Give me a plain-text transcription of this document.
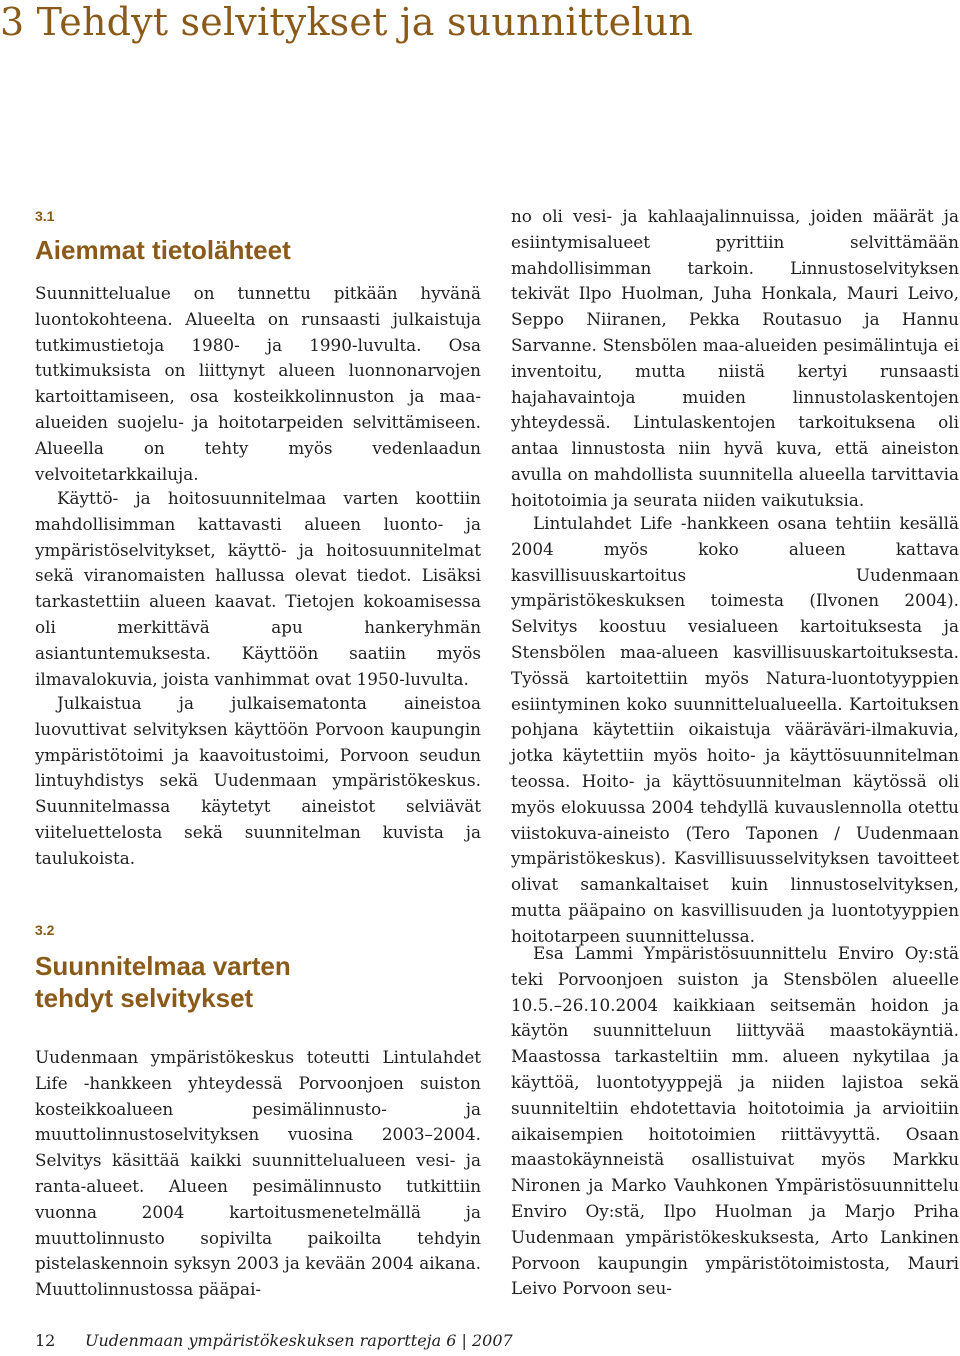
3 Tehdyt selvitykset ja suunnittelun
3.1
Aiemmat tietolähteet
Suunnittelualue on tunnettu pitkään hyvänä luontokohteena. Alueelta on runsaasti julkaistuja tutkimustietoja 1980- ja 1990-luvulta. Osa tutkimuksista on liittynyt alueen luonnonarvojen kartoittamiseen, osa kosteikkolinnuston ja maa-alueiden suojelu- ja hoitotarpeiden selvittämiseen. Alueella on tehty myös vedenlaadun velvoitetarkkailuja.
Käyttö- ja hoitosuunnitelmaa varten koottiin mahdollisimman kattavasti alueen luonto- ja ympäristöselvitykset, käyttö- ja hoitosuunnitelmat sekä viranomaisten hallussa olevat tiedot. Lisäksi tarkastettiin alueen kaavat. Tietojen kokoamisessa oli merkittävä apu hankeryhmän asiantuntemuksesta. Käyttöön saatiin myös ilmavalokuvia, joista vanhimmat ovat 1950-luvulta.
Julkaistua ja julkaisematonta aineistoa luovuttivat selvityksen käyttöön Porvoon kaupungin ympäristötoimi ja kaavoitustoimi, Porvoon seudun lintuyhdistys sekä Uudenmaan ympäristökeskus. Suunnitelmassa käytetyt aineistot selviävät viiteluettelosta sekä suunnitelman kuvista ja taulukoista.
3.2
Suunnitelmaa varten
tehdyt selvitykset
Uudenmaan ympäristökeskus toteutti Lintulahdet Life -hankkeen yhteydessä Porvoonjoen suiston kosteikkoalueen pesimälinnusto- ja muuttolinnustoselvityksen vuosina 2003–2004. Selvitys käsittää kaikki suunnittelualueen vesi- ja ranta-alueet. Alueen pesimälinnusto tutkittiin vuonna 2004 kartoitusmenetelmällä ja muuttolinnusto sopivilta paikoilta tehdyin pistelaskennoin syksyn 2003 ja kevään 2004 aikana. Muuttolinnustossa pääpai-
no oli vesi- ja kahlaajalinnuissa, joiden määrät ja esiintymisalueet pyrittiin selvittämään mahdollisimman tarkoin. Linnustoselvityksen tekivät Ilpo Huolman, Juha Honkala, Mauri Leivo, Seppo Niiranen, Pekka Routasuo ja Hannu Sarvanne. Stensbölen maa-alueiden pesimälintuja ei inventoitu, mutta niistä kertyi runsaasti hajahavaintoja muiden linnustolaskentojen yhteydessä. Lintulaskentojen tarkoituksena oli antaa linnustosta niin hyvä kuva, että aineiston avulla on mahdollista suunnitella alueella tarvittavia hoitotoimia ja seurata niiden vaikutuksia.
Lintulahdet Life -hankkeen osana tehtiin kesällä 2004 myös koko alueen kattava kasvillisuuskartoitus Uudenmaan ympäristökeskuksen toimesta (Ilvonen 2004). Selvitys koostuu vesialueen kartoituksesta ja Stensbölen maa-alueen kasvillisuuskartoituksesta. Työssä kartoitettiin myös Natura-luontotyyppien esiintyminen koko suunnittelualueella. Kartoituksen pohjana käytettiin oikaistuja vääräväri-ilmakuvia, jotka käytettiin myös hoito- ja käyttösuunnitelman teossa. Hoito- ja käyttösuunnitelman käytössä oli myös elokuussa 2004 tehdyllä kuvauslennolla otettu viistokuva-aineisto (Tero Taponen / Uudenmaan ympäristökeskus). Kasvillisuusselvityksen tavoitteet olivat samankaltaiset kuin linnustoselvityksen, mutta pääpaino on kasvillisuuden ja luontotyyppien hoitotarpeen suunnittelussa.
Esa Lammi Ympäristösuunnittelu Enviro Oy:stä teki Porvoonjoen suiston ja Stensbölen alueelle 10.5.–26.10.2004 kaikkiaan seitsemän hoidon ja käytön suunnitteluun liittyvää maastokäyntiä. Maastossa tarkasteltiin mm. alueen nykytilaa ja käyttöä, luontotyyppejä ja niiden lajistoa sekä suunniteltiin ehdotettavia hoitotoimia ja arvioitiin aikaisempien hoitotoimien riittävyyttä. Osaan maastokäynneistä osallistuivat myös Markku Nironen ja Marko Vauhkonen Ympäristösuunnittelu Enviro Oy:stä, Ilpo Huolman ja Marjo Priha Uudenmaan ympäristökeskuksesta, Arto Lankinen Porvoon kaupungin ympäristötoimistosta, Mauri Leivo Porvoon seu-
12 Uudenmaan ympäristökeskuksen raportteja 6 | 2007
